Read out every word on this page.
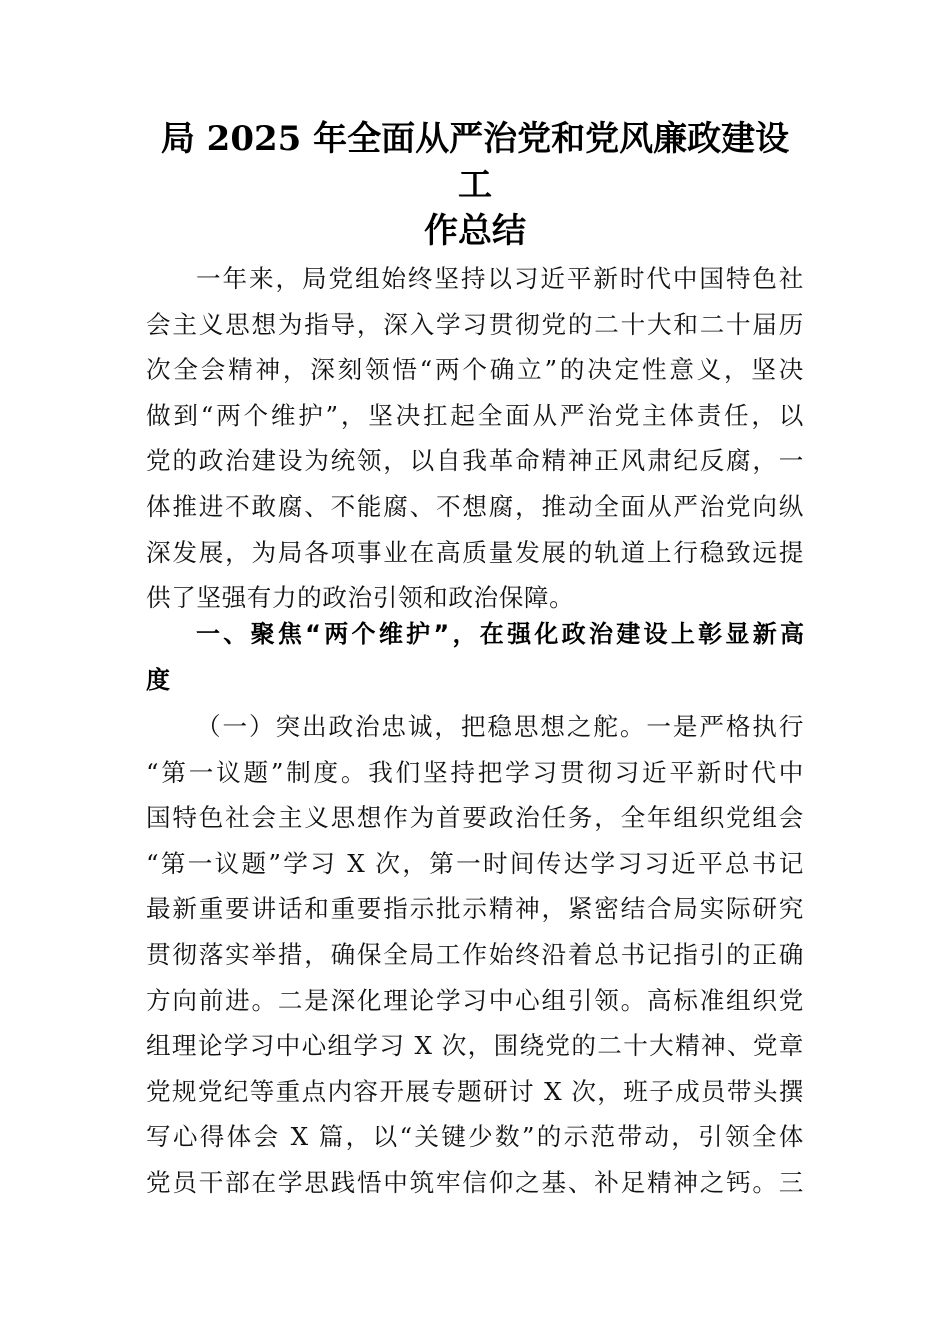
局 2025 年全面从严治党和党风廉政建设工
作总结
一年来，局党组始终坚持以习近平新时代中国特色社
会主义思想为指导，深入学习贯彻党的二十大和二十届历
次全会精神，深刻领悟“两个确立”的决定性意义，坚决
做到“两个维护”，坚决扛起全面从严治党主体责任，以
党的政治建设为统领，以自我革命精神正风肃纪反腐，一
体推进不敢腐、不能腐、不想腐，推动全面从严治党向纵
深发展，为局各项事业在高质量发展的轨道上行稳致远提
供了坚强有力的政治引领和政治保障。
一、聚焦“两个维护”，在强化政治建设上彰显新高
度
（一）突出政治忠诚，把稳思想之舵。一是严格执行
“第一议题”制度。我们坚持把学习贯彻习近平新时代中
国特色社会主义思想作为首要政治任务，全年组织党组会
“第一议题”学习 X 次，第一时间传达学习习近平总书记
最新重要讲话和重要指示批示精神，紧密结合局实际研究
贯彻落实举措，确保全局工作始终沿着总书记指引的正确
方向前进。二是深化理论学习中心组引领。高标准组织党
组理论学习中心组学习 X 次，围绕党的二十大精神、党章
党规党纪等重点内容开展专题研讨 X 次，班子成员带头撰
写心得体会 X 篇，以“关键少数”的示范带动，引领全体
党员干部在学思践悟中筑牢信仰之基、补足精神之钙。三
